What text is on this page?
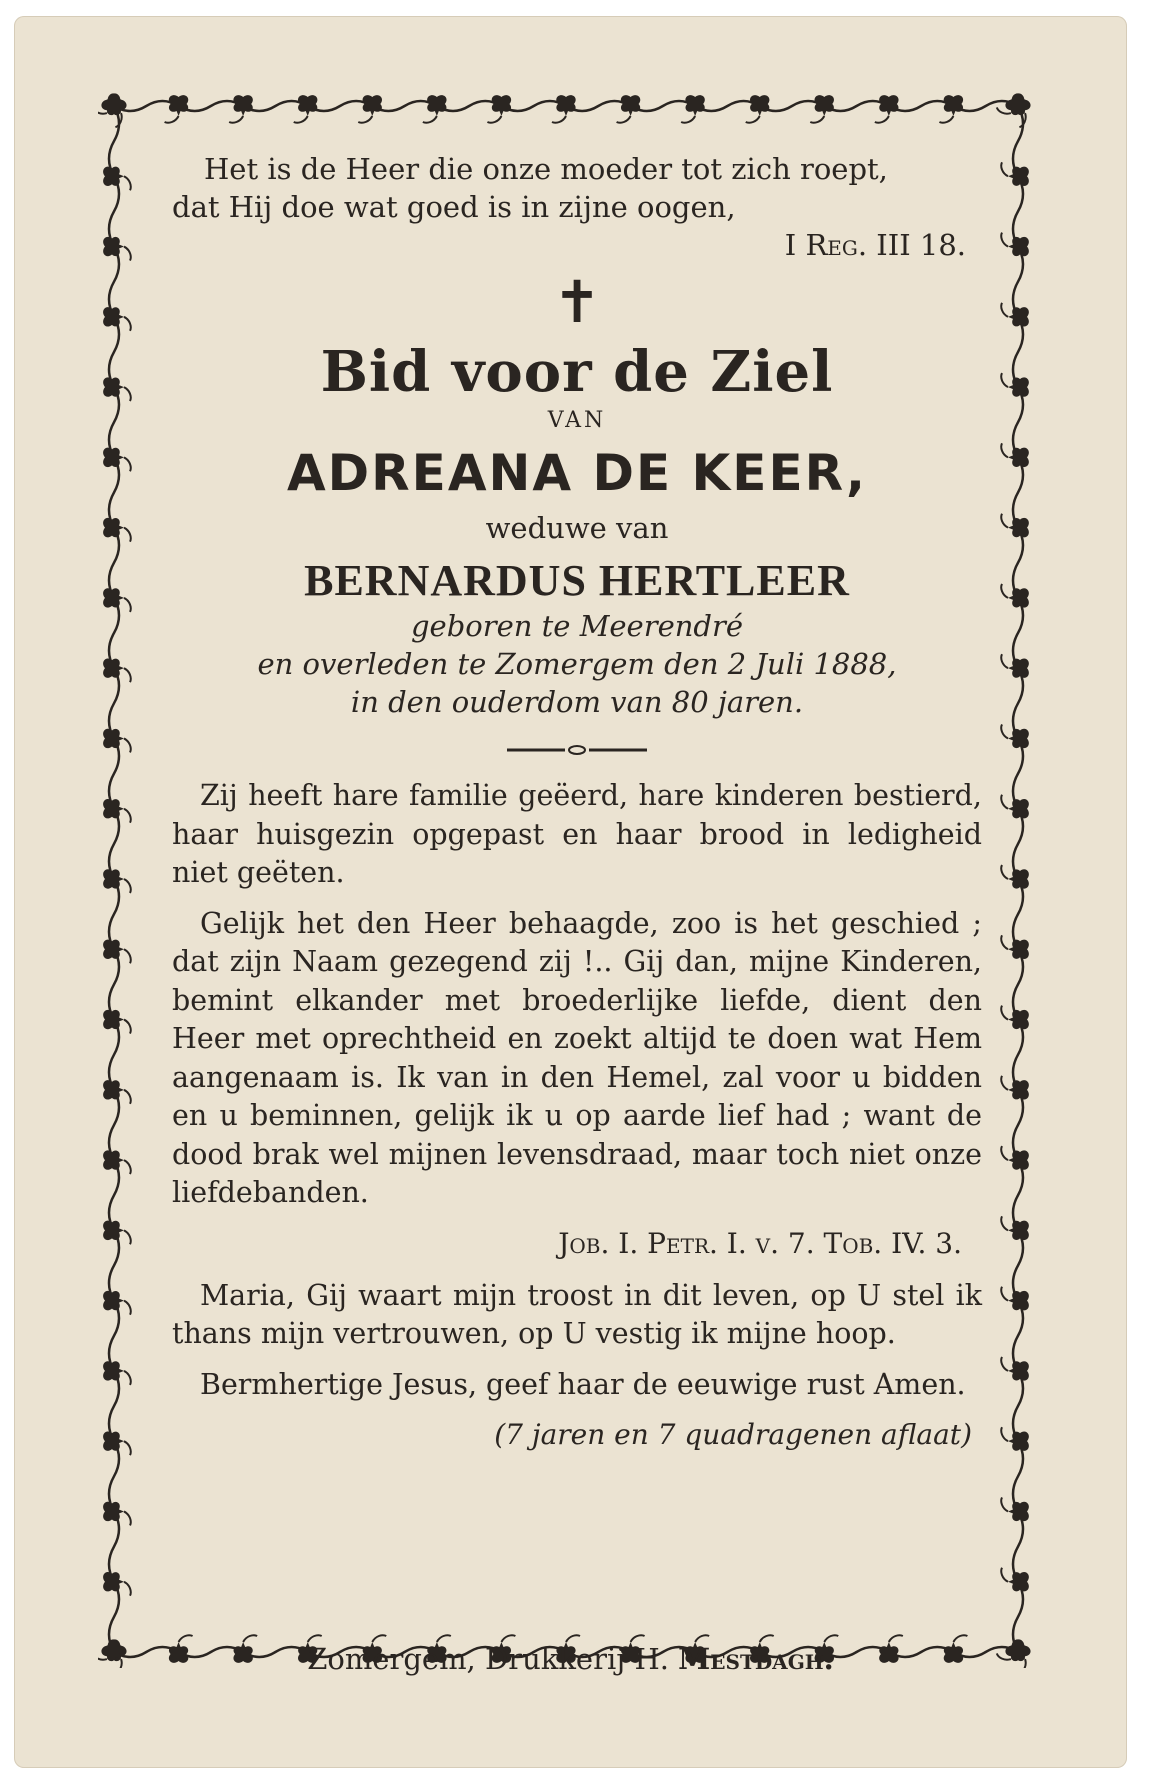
Het is de Heer die onze moeder tot zich roept,
dat Hij doe wat goed is in zijne oogen,
I Reg. III 18.
✝
Bid voor de Ziel
VAN
ADREANA DE KEER,
weduwe van
BERNARDUS HERTLEER
geboren te Meerendré
en overleden te Zomergem den 2 Juli 1888,
in den ouderdom van 80 jaren.

Zij heeft hare familie geëerd, hare kinderen bestierd, haar huisgezin opgepast en haar brood in ledigheid niet geëten.

Gelijk het den Heer behaagde, zoo is het geschied ; dat zijn Naam gezegend zij !.. Gij dan, mijne Kinderen, bemint elkander met broederlijke liefde, dient den Heer met oprechtheid en zoekt altijd te doen wat Hem aangenaam is. Ik van in den Hemel, zal voor u bidden en u beminnen, gelijk ik u op aarde lief had ; want de dood brak wel mijnen levensdraad, maar toch niet onze liefdebanden.

Job. I. Petr. I. v. 7. Tob. IV. 3.

Maria, Gij waart mijn troost in dit leven, op U stel ik thans mijn vertrouwen, op U vestig ik mijne hoop.

Bermhertige Jesus, geef haar de eeuwige rust Amen.

(7 jaren en 7 quadragenen aflaat)
Zomergem, Drukkerij H. Mestdagh.
